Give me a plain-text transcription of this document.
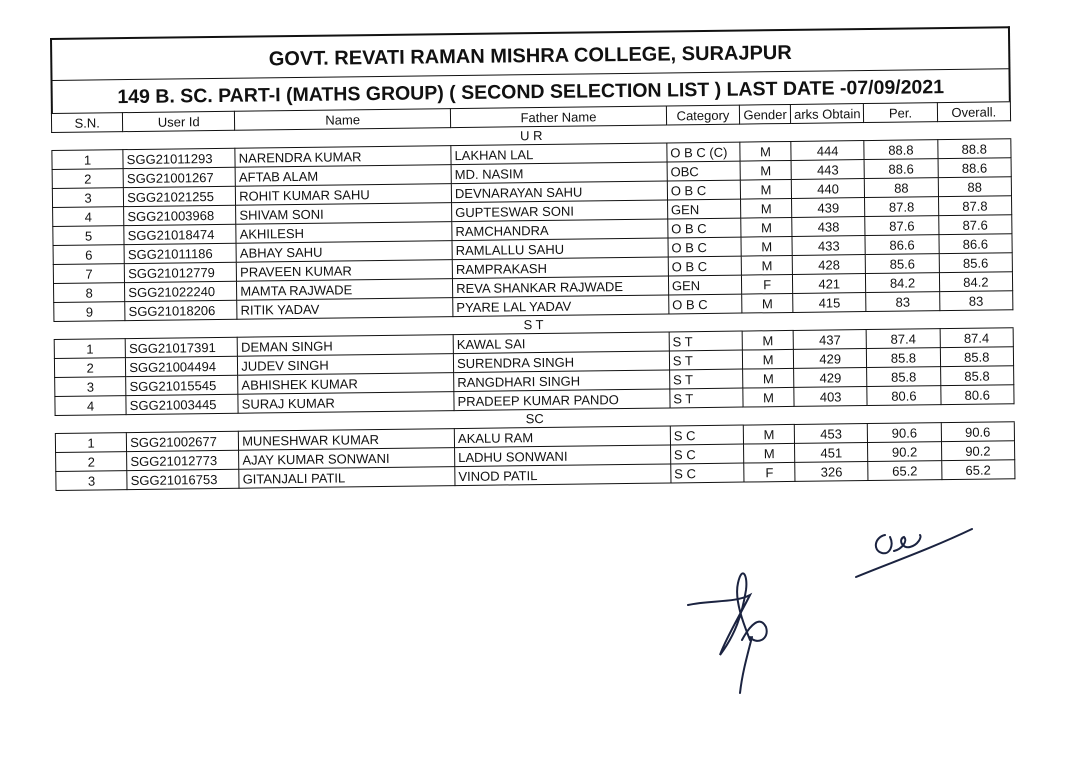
GOVT. REVATI RAMAN MISHRA COLLEGE, SURAJPUR
149 B. SC. PART-I (MATHS GROUP) ( SECOND SELECTION LIST ) LAST DATE -07/09/2021
S.N.	User Id	Name	Father Name	Category	Gender	arks Obtain	Per.	Overall.
U R								
1	SGG21011293	NARENDRA KUMAR	LAKHAN LAL	O B C (C)	M	444	88.8	88.8
2	SGG21001267	AFTAB ALAM	MD. NASIM	OBC	M	443	88.6	88.6
3	SGG21021255	ROHIT KUMAR SAHU	DEVNARAYAN SAHU	O B C	M	440	88	88
4	SGG21003968	SHIVAM SONI	GUPTESWAR SONI	GEN	M	439	87.8	87.8
5	SGG21018474	AKHILESH	RAMCHANDRA	O B C	M	438	87.6	87.6
6	SGG21011186	ABHAY SAHU	RAMLALLU SAHU	O B C	M	433	86.6	86.6
7	SGG21012779	PRAVEEN KUMAR	RAMPRAKASH	O B C	M	428	85.6	85.6
8	SGG21022240	MAMTA RAJWADE	REVA SHANKAR RAJWADE	GEN	F	421	84.2	84.2
9	SGG21018206	RITIK YADAV	PYARE LAL YADAV	O B C	M	415	83	83
S T								
1	SGG21017391	DEMAN SINGH	KAWAL SAI	S T	M	437	87.4	87.4
2	SGG21004494	JUDEV SINGH	SURENDRA SINGH	S T	M	429	85.8	85.8
3	SGG21015545	ABHISHEK KUMAR	RANGDHARI SINGH	S T	M	429	85.8	85.8
4	SGG21003445	SURAJ KUMAR	PRADEEP KUMAR PANDO	S T	M	403	80.6	80.6
SC								
1	SGG21002677	MUNESHWAR KUMAR	AKALU RAM	S C	M	453	90.6	90.6
2	SGG21012773	AJAY KUMAR SONWANI	LADHU SONWANI	S C	M	451	90.2	90.2
3	SGG21016753	GITANJALI PATIL	VINOD PATIL	S C	F	326	65.2	65.2
